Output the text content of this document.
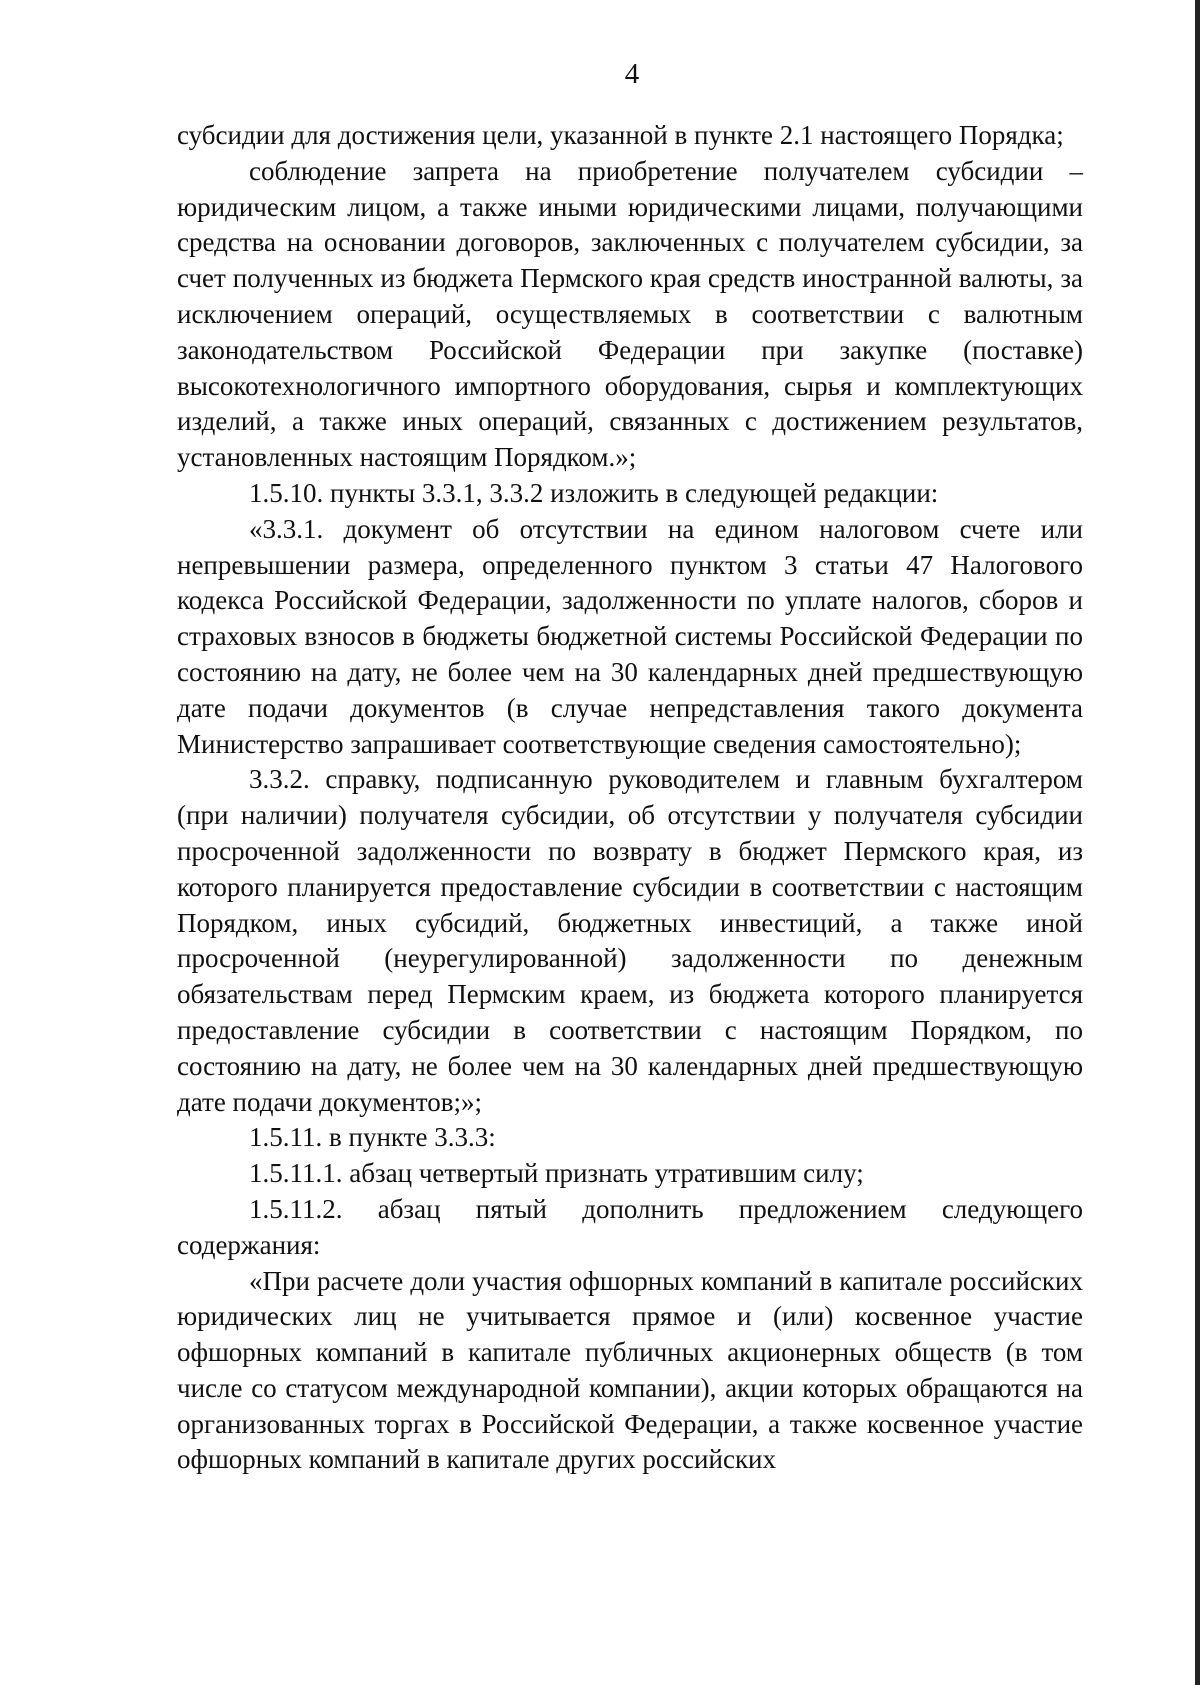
4

субсидии для достижения цели, указанной в пункте 2.1 настоящего Порядка;

соблюдение запрета на приобретение получателем субсидии – юридическим лицом, а также иными юридическими лицами, получающими средства на основании договоров, заключенных с получателем субсидии, за счет полученных из бюджета Пермского края средств иностранной валюты, за исключением операций, осуществляемых в соответствии с валютным законодательством Российской Федерации при закупке (поставке) высокотехнологичного импортного оборудования, сырья и комплектующих изделий, а также иных операций, связанных с достижением результатов, установленных настоящим Порядком.»;

1.5.10. пункты 3.3.1, 3.3.2 изложить в следующей редакции:

«3.3.1. документ об отсутствии на едином налоговом счете или непревышении размера, определенного пунктом 3 статьи 47 Налогового кодекса Российской Федерации, задолженности по уплате налогов, сборов и страховых взносов в бюджеты бюджетной системы Российской Федерации по состоянию на дату, не более чем на 30 календарных дней предшествующую дате подачи документов (в случае непредставления такого документа Министерство запрашивает соответствующие сведения самостоятельно);

3.3.2. справку, подписанную руководителем и главным бухгалтером (при наличии) получателя субсидии, об отсутствии у получателя субсидии просроченной задолженности по возврату в бюджет Пермского края, из которого планируется предоставление субсидии в соответствии с настоящим Порядком, иных субсидий, бюджетных инвестиций, а также иной просроченной (неурегулированной) задолженности по денежным обязательствам перед Пермским краем, из бюджета которого планируется предоставление субсидии в соответствии с настоящим Порядком, по состоянию на дату, не более чем на 30 календарных дней предшествующую дате подачи документов;»;

1.5.11. в пункте 3.3.3:

1.5.11.1. абзац четвертый признать утратившим силу;

1.5.11.2. абзац пятый дополнить предложением следующего содержания:

«При расчете доли участия офшорных компаний в капитале российских юридических лиц не учитывается прямое и (или) косвенное участие офшорных компаний в капитале публичных акционерных обществ (в том числе со статусом международной компании), акции которых обращаются на организованных торгах в Российской Федерации, а также косвенное участие офшорных компаний в капитале других российских
